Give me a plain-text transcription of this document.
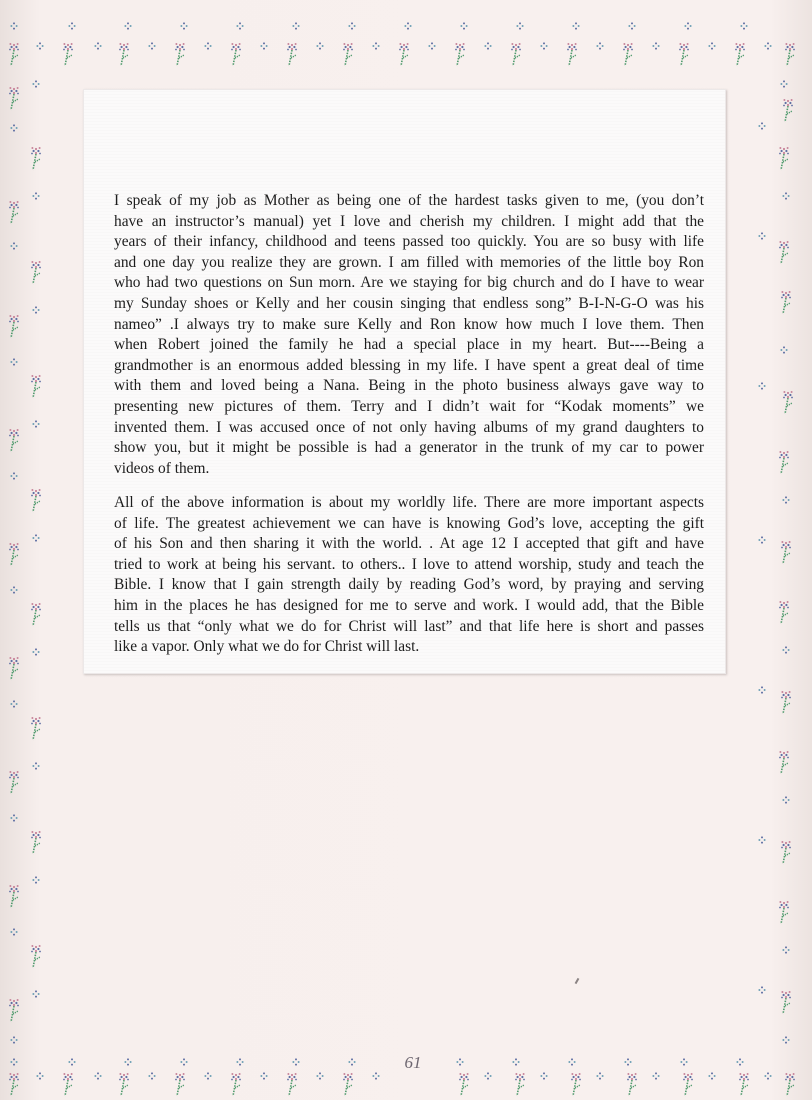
I speak of my job as Mother as being one of the hardest tasks given to me, (you don’t
have an instructor’s manual) yet I love and cherish my children. I might add that the
years of their infancy, childhood and teens passed too quickly. You are so busy with life
and one day you realize they are grown. I am filled with memories of the little boy Ron
who had two questions on Sun morn. Are we staying for big church and do I have to wear
my Sunday shoes or Kelly and her cousin singing that endless song” B-I-N-G-O was his
nameo” .I always try to make sure Kelly and Ron know how much I love them. Then
when Robert joined the family he had a special place in my heart. But----Being a
grandmother is an enormous added blessing in my life. I have spent a great deal of time
with them and loved being a Nana. Being in the photo business always gave way to
presenting new pictures of them. Terry and I didn’t wait for “Kodak moments” we
invented them. I was accused once of not only having albums of my grand daughters to
show you, but it might be possible is had a generator in the trunk of my car to power
videos of them.
All of the above information is about my worldly life. There are more important aspects
of life. The greatest achievement we can have is knowing God’s love, accepting the gift
of his Son and then sharing it with the world. . At age 12 I accepted that gift and have
tried to work at being his servant. to others.. I love to attend worship, study and teach the
Bible. I know that I gain strength daily by reading God’s word, by praying and serving
him in the places he has designed for me to serve and work. I would add, that the Bible
tells us that “only what we do for Christ will last” and that life here is short and passes
like a vapor. Only what we do for Christ will last.
61
